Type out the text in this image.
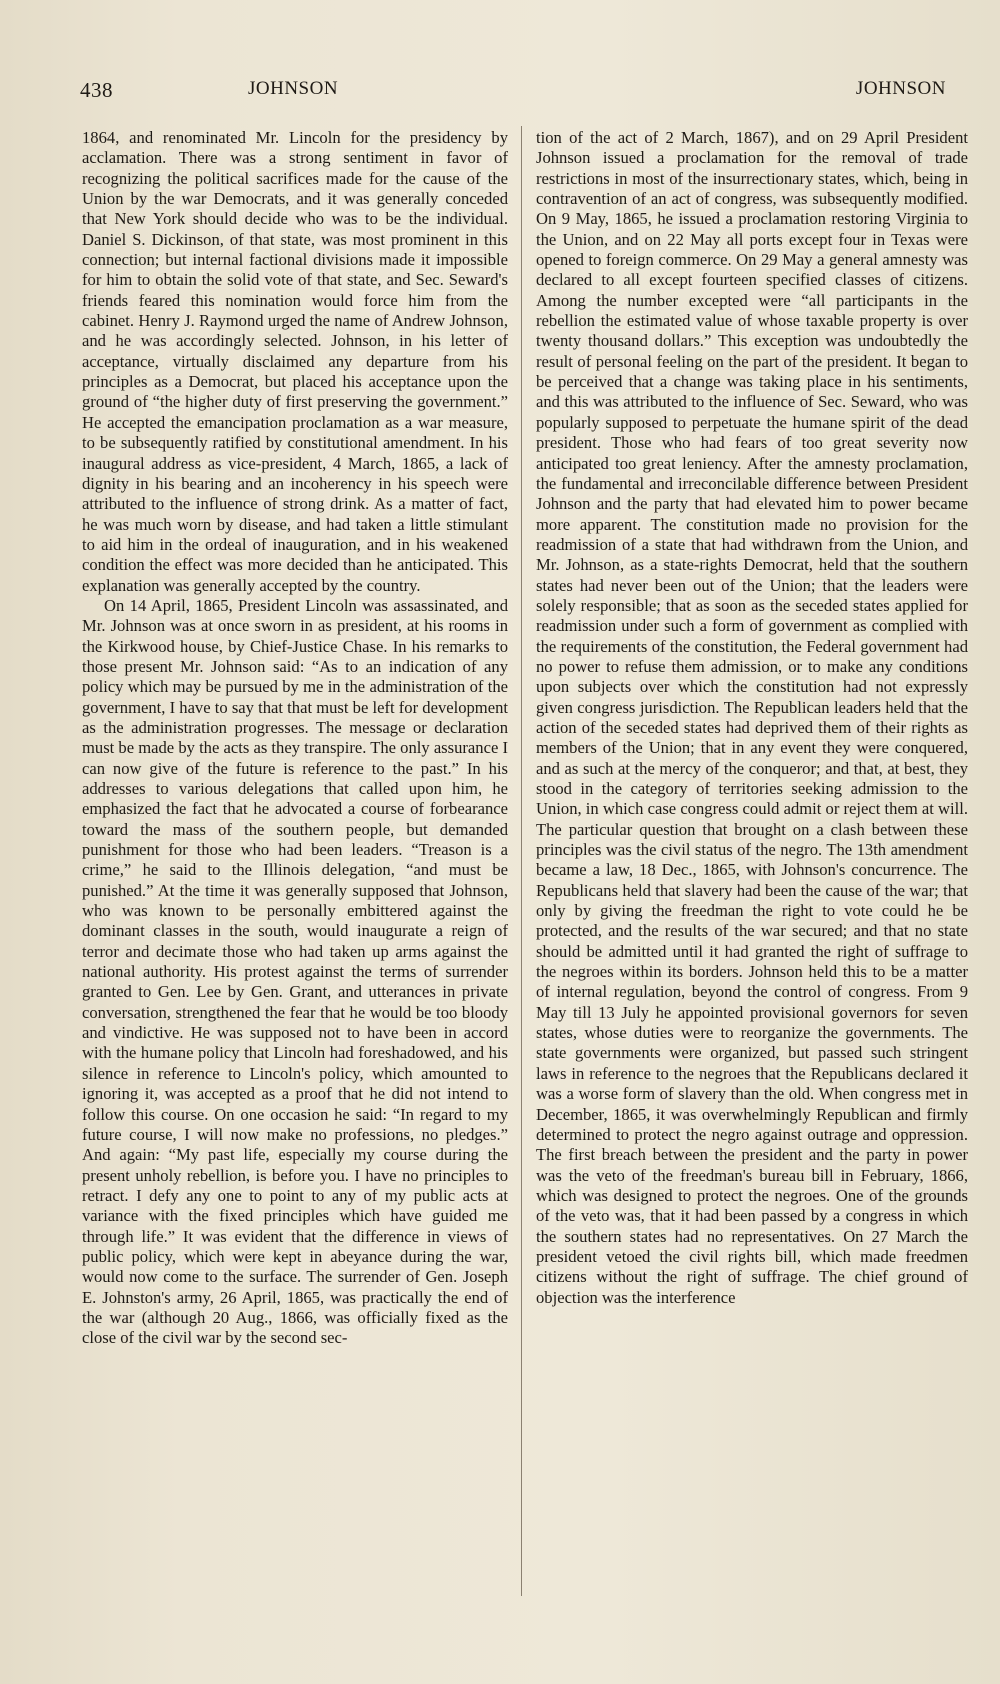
438	JOHNSON	JOHNSON

1864, and renominated Mr. Lincoln for the presidency by acclamation. There was a strong sentiment in favor of recognizing the political sacrifices made for the cause of the Union by the war Democrats, and it was generally conceded that New York should decide who was to be the individual. Daniel S. Dickinson, of that state, was most prominent in this connection; but internal factional divisions made it impossible for him to obtain the solid vote of that state, and Sec. Seward's friends feared this nomination would force him from the cabinet. Henry J. Raymond urged the name of Andrew Johnson, and he was accordingly selected. Johnson, in his letter of acceptance, virtually disclaimed any departure from his principles as a Democrat, but placed his acceptance upon the ground of “the higher duty of first preserving the government.” He accepted the emancipation proclamation as a war measure, to be subsequently ratified by constitutional amendment. In his inaugural address as vice-president, 4 March, 1865, a lack of dignity in his bearing and an incoherency in his speech were attributed to the influence of strong drink. As a matter of fact, he was much worn by disease, and had taken a little stimulant to aid him in the ordeal of inauguration, and in his weakened condition the effect was more decided than he anticipated. This explanation was generally accepted by the country.

On 14 April, 1865, President Lincoln was assassinated, and Mr. Johnson was at once sworn in as president, at his rooms in the Kirkwood house, by Chief-Justice Chase. In his remarks to those present Mr. Johnson said: “As to an indication of any policy which may be pursued by me in the administration of the government, I have to say that that must be left for development as the administration progresses. The message or declaration must be made by the acts as they transpire. The only assurance I can now give of the future is reference to the past.” In his addresses to various delegations that called upon him, he emphasized the fact that he advocated a course of forbearance toward the mass of the southern people, but demanded punishment for those who had been leaders. “Treason is a crime,” he said to the Illinois delegation, “and must be punished.” At the time it was generally supposed that Johnson, who was known to be personally embittered against the dominant classes in the south, would inaugurate a reign of terror and decimate those who had taken up arms against the national authority. His protest against the terms of surrender granted to Gen. Lee by Gen. Grant, and utterances in private conversation, strengthened the fear that he would be too bloody and vindictive. He was supposed not to have been in accord with the humane policy that Lincoln had foreshadowed, and his silence in reference to Lincoln's policy, which amounted to ignoring it, was accepted as a proof that he did not intend to follow this course. On one occasion he said: “In regard to my future course, I will now make no professions, no pledges.” And again: “My past life, especially my course during the present unholy rebellion, is before you. I have no principles to retract. I defy any one to point to any of my public acts at variance with the fixed principles which have guided me through life.” It was evident that the difference in views of public policy, which were kept in abeyance during the war, would now come to the surface. The surrender of Gen. Joseph E. Johnston's army, 26 April, 1865, was practically the end of the war (although 20 Aug., 1866, was officially fixed as the close of the civil war by the second sec-

tion of the act of 2 March, 1867), and on 29 April President Johnson issued a proclamation for the removal of trade restrictions in most of the insurrectionary states, which, being in contravention of an act of congress, was subsequently modified. On 9 May, 1865, he issued a proclamation restoring Virginia to the Union, and on 22 May all ports except four in Texas were opened to foreign commerce. On 29 May a general amnesty was declared to all except fourteen specified classes of citizens. Among the number excepted were “all participants in the rebellion the estimated value of whose taxable property is over twenty thousand dollars.” This exception was undoubtedly the result of personal feeling on the part of the president. It began to be perceived that a change was taking place in his sentiments, and this was attributed to the influence of Sec. Seward, who was popularly supposed to perpetuate the humane spirit of the dead president. Those who had fears of too great severity now anticipated too great leniency. After the amnesty proclamation, the fundamental and irreconcilable difference between President Johnson and the party that had elevated him to power became more apparent. The constitution made no provision for the readmission of a state that had withdrawn from the Union, and Mr. Johnson, as a state-rights Democrat, held that the southern states had never been out of the Union; that the leaders were solely responsible; that as soon as the seceded states applied for readmission under such a form of government as complied with the requirements of the constitution, the Federal government had no power to refuse them admission, or to make any conditions upon subjects over which the constitution had not expressly given congress jurisdiction. The Republican leaders held that the action of the seceded states had deprived them of their rights as members of the Union; that in any event they were conquered, and as such at the mercy of the conqueror; and that, at best, they stood in the category of territories seeking admission to the Union, in which case congress could admit or reject them at will. The particular question that brought on a clash between these principles was the civil status of the negro. The 13th amendment became a law, 18 Dec., 1865, with Johnson's concurrence. The Republicans held that slavery had been the cause of the war; that only by giving the freedman the right to vote could he be protected, and the results of the war secured; and that no state should be admitted until it had granted the right of suffrage to the negroes within its borders. Johnson held this to be a matter of internal regulation, beyond the control of congress. From 9 May till 13 July he appointed provisional governors for seven states, whose duties were to reorganize the governments. The state governments were organized, but passed such stringent laws in reference to the negroes that the Republicans declared it was a worse form of slavery than the old. When congress met in December, 1865, it was overwhelmingly Republican and firmly determined to protect the negro against outrage and oppression. The first breach between the president and the party in power was the veto of the freedman's bureau bill in February, 1866, which was designed to protect the negroes. One of the grounds of the veto was, that it had been passed by a congress in which the southern states had no representatives. On 27 March the president vetoed the civil rights bill, which made freedmen citizens without the right of suffrage. The chief ground of objection was the interference
